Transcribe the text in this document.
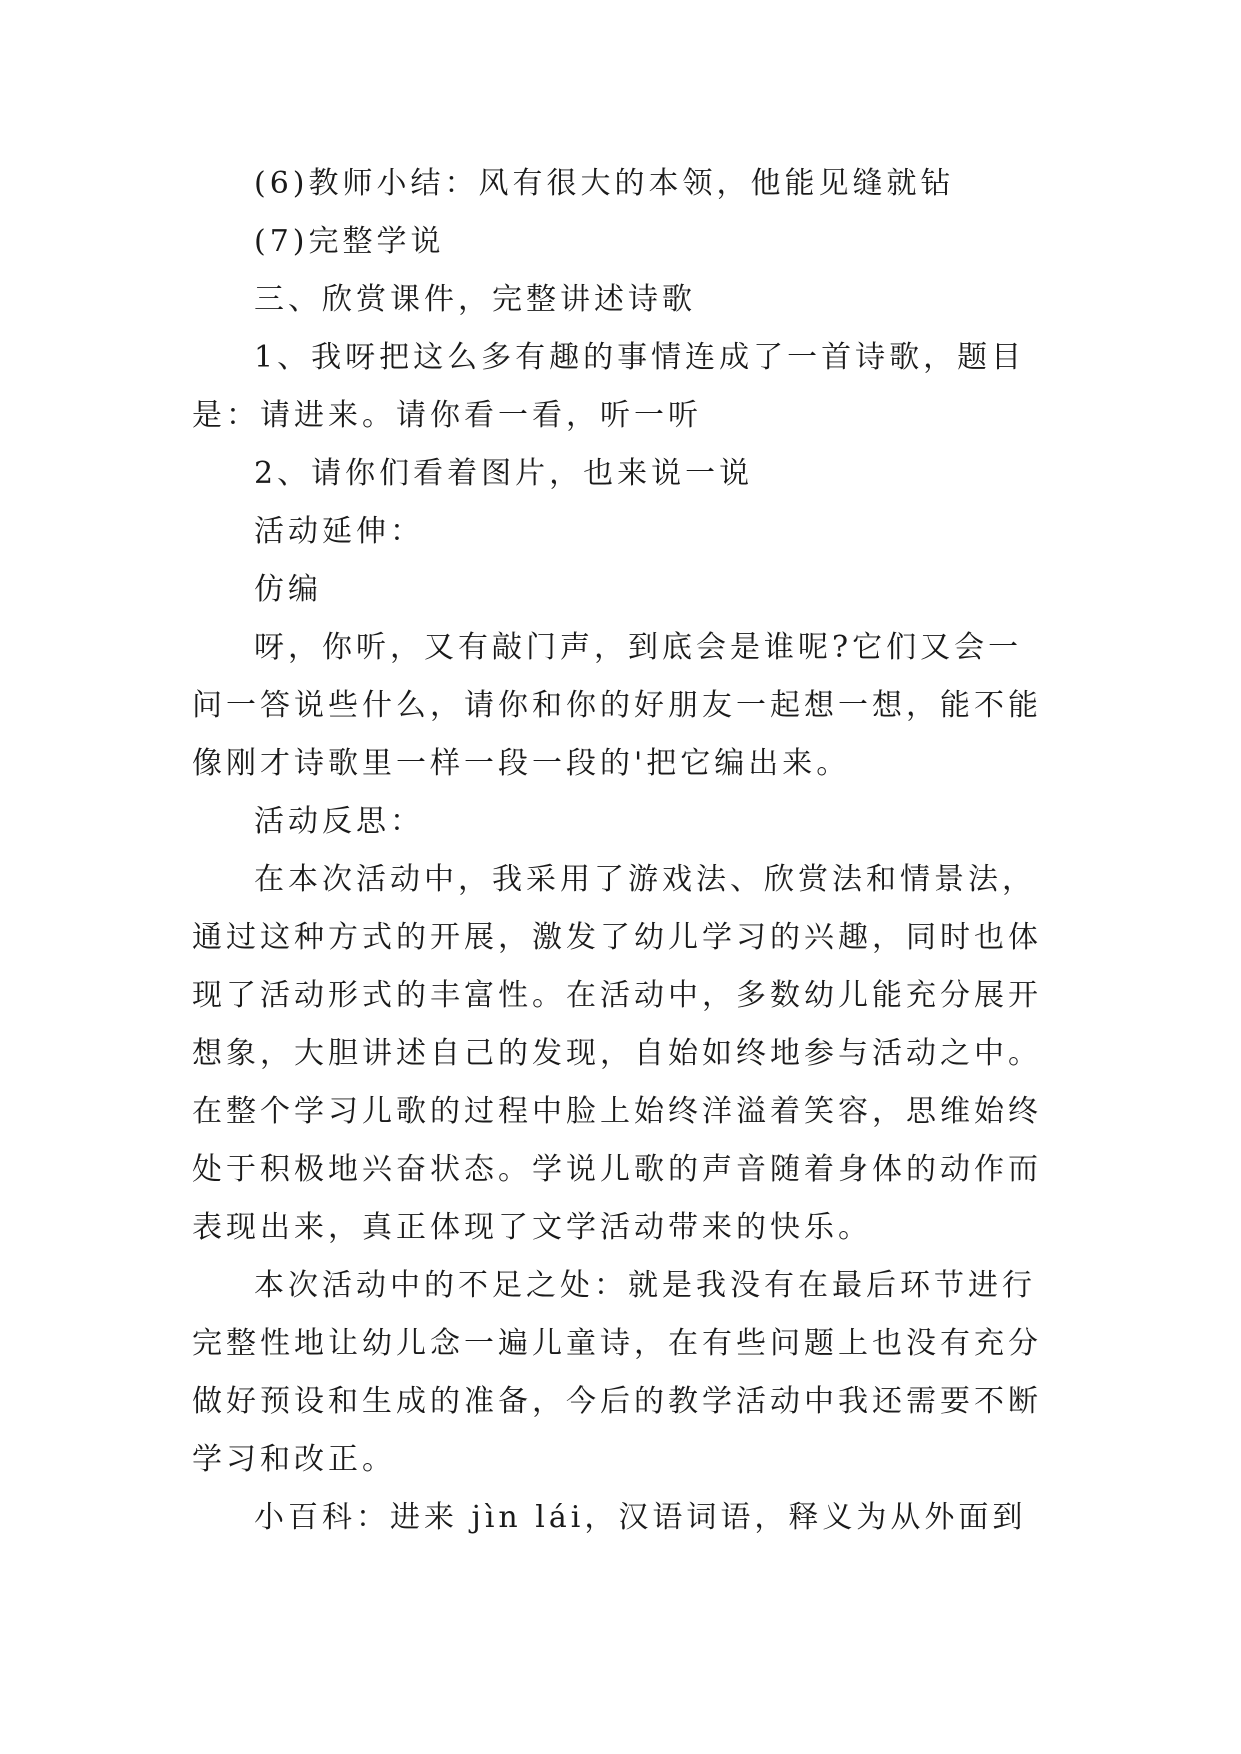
(6)教师小结：风有很大的本领，他能见缝就钻

(7)完整学说

三、欣赏课件，完整讲述诗歌

1、我呀把这么多有趣的事情连成了一首诗歌，题目是：请进来。请你看一看，听一听

2、请你们看着图片，也来说一说

活动延伸：

仿编

呀，你听，又有敲门声，到底会是谁呢?它们又会一问一答说些什么，请你和你的好朋友一起想一想，能不能像刚才诗歌里一样一段一段的'把它编出来。

活动反思：

在本次活动中，我采用了游戏法、欣赏法和情景法，通过这种方式的开展，激发了幼儿学习的兴趣，同时也体现了活动形式的丰富性。在活动中，多数幼儿能充分展开想象，大胆讲述自己的发现，自始如终地参与活动之中。在整个学习儿歌的过程中脸上始终洋溢着笑容，思维始终处于积极地兴奋状态。学说儿歌的声音随着身体的动作而表现出来，真正体现了文学活动带来的快乐。

本次活动中的不足之处：就是我没有在最后环节进行完整性地让幼儿念一遍儿童诗，在有些问题上也没有充分做好预设和生成的准备，今后的教学活动中我还需要不断学习和改正。

小百科：进来 jìn lái，汉语词语，释义为从外面到
